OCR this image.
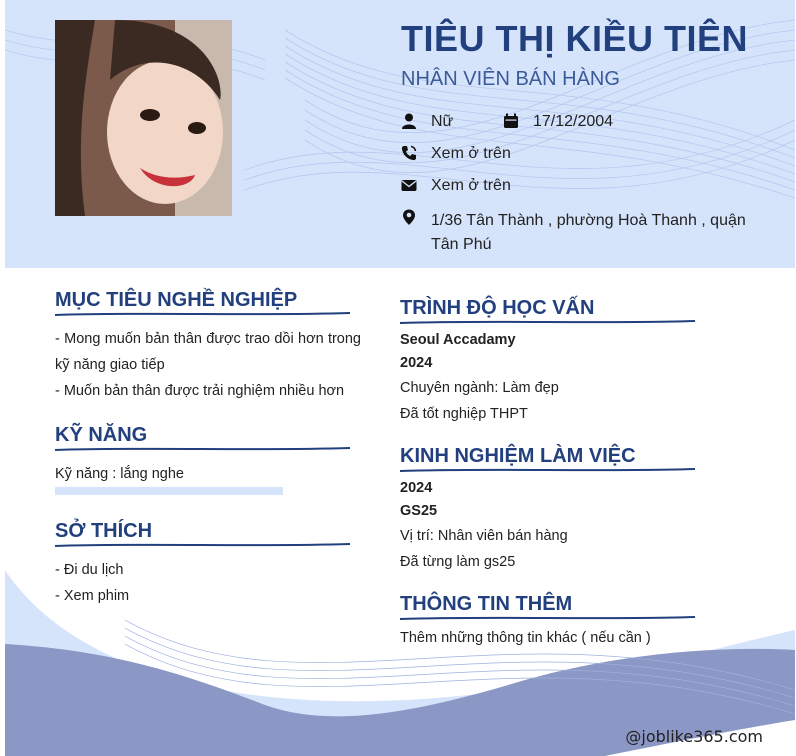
TIÊU THỊ KIỀU TIÊN
NHÂN VIÊN BÁN HÀNG
Nữ	17/12/2004
Xem ở trên
Xem ở trên
1/36 Tân Thành , phường Hoà Thanh , quận Tân Phú
MỤC TIÊU NGHỀ NGHIỆP
- Mong muốn bản thân được trao dồi hơn trong kỹ năng giao tiếp
- Muốn bản thân được trải nghiệm nhiều hơn
KỸ NĂNG
Kỹ năng : lắng nghe
SỞ THÍCH
- Đi du lịch
- Xem phim
TRÌNH ĐỘ HỌC VẤN
Seoul Accadamy
2024
Chuyên ngành: Làm đẹp
Đã tốt nghiệp THPT
KINH NGHIỆM LÀM VIỆC
2024
GS25
Vị trí: Nhân viên bán hàng
Đã từng làm gs25
THÔNG TIN THÊM
Thêm những thông tin khác ( nếu cần )
@joblike365.com
